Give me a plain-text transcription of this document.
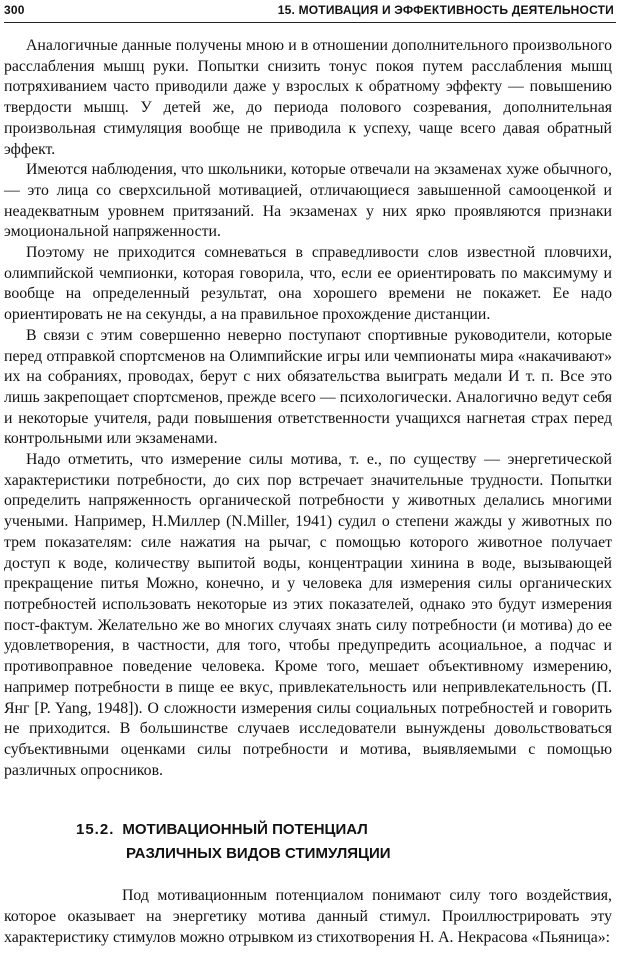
300	15. МОТИВАЦИЯ И ЭФФЕКТИВНОСТЬ ДЕЯТЕЛЬНОСТИ

Аналогичные данные получены мною и в отношении дополнительного произвольного расслабления мышц руки. Попытки снизить тонус покоя путем расслабления мышц потряхиванием часто приводили даже у взрослых к обратному эффекту — повышению твердости мышц. У детей же, до периода полового созревания, дополнительная произвольная стимуляция вообще не приводила к успеху, чаще всего давая обратный эффект.

Имеются наблюдения, что школьники, которые отвечали на экзаменах хуже обычного, — это лица со сверхсильной мотивацией, отличающиеся завышенной самооценкой и неадекватным уровнем притязаний. На экзаменах у них ярко проявляются признаки эмоциональной напряженности.

Поэтому не приходится сомневаться в справедливости слов известной пловчихи, олимпийской чемпионки, которая говорила, что, если ее ориентировать по максимуму и вообще на определенный результат, она хорошего времени не покажет. Ее надо ориентировать не на секунды, а на правильное прохождение дистанции.

В связи с этим совершенно неверно поступают спортивные руководители, которые перед отправкой спортсменов на Олимпийские игры или чемпионаты мира «накачивают» их на собраниях, проводах, берут с них обязательства выиграть медали И т. п. Все это лишь закрепощает спортсменов, прежде всего — психологически. Аналогично ведут себя и некоторые учителя, ради повышения ответственности учащихся нагнетая страх перед контрольными или экзаменами.

Надо отметить, что измерение силы мотива, т. е., по существу — энергетической характеристики потребности, до сих пор встречает значительные трудности. Попытки определить напряженность органической потребности у животных делались многими учеными. Например, Н.Миллер (N.Miller, 1941) судил о степени жажды у животных по трем показателям: силе нажатия на рычаг, с помощью которого животное получает доступ к воде, количеству выпитой воды, концентрации хинина в воде, вызывающей прекращение питья Можно, конечно, и у человека для измерения силы органических потребностей использовать некоторые из этих показателей, однако это будут измерения пост-фактум. Желательно же во многих случаях знать силу потребности (и мотива) до ее удовлетворения, в частности, для того, чтобы предупредить асоциальное, а подчас и противоправное поведение человека. Кроме того, мешает объективному измерению, например потребности в пище ее вкус, привлекательность или непривлекательность (П. Янг [P. Yang, 1948]). О сложности измерения силы социальных потребностей и говорить не приходится. В большинстве случаев исследователи вынуждены довольствоваться субъективными оценками силы потребности и мотива, выявляемыми с помощью различных опросников.

15.2. МОТИВАЦИОННЫЙ ПОТЕНЦИАЛ
РАЗЛИЧНЫХ ВИДОВ СТИМУЛЯЦИИ

Под мотивационным потенциалом понимают силу того воздействия, которое оказывает на энергетику мотива данный стимул. Проиллюстрировать эту характеристику стимулов можно отрывком из стихотворения Н. А. Некрасова «Пьяница»:
